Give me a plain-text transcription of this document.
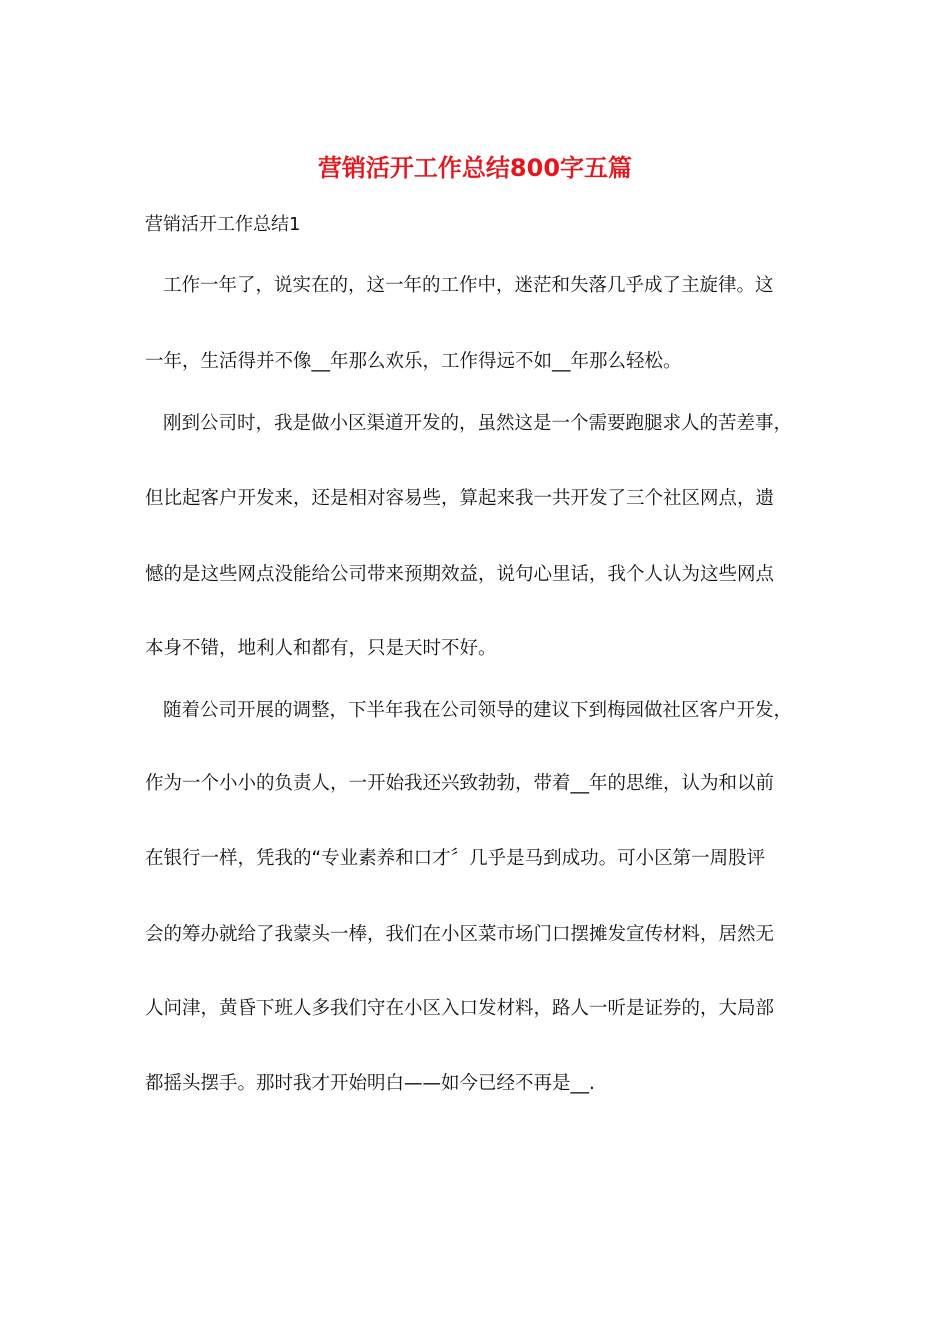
营销活开工作总结800字五篇
营销活开工作总结1
工作一年了，说实在的，这一年的工作中，迷茫和失落几乎成了主旋律。这
一年，生活得并不像__年那么欢乐，工作得远不如__年那么轻松。
刚到公司时，我是做小区渠道开发的，虽然这是一个需要跑腿求人的苦差事，
但比起客户开发来，还是相对容易些，算起来我一共开发了三个社区网点，遗
憾的是这些网点没能给公司带来预期效益，说句心里话，我个人认为这些网点
本身不错，地利人和都有，只是天时不好。
随着公司开展的调整，下半年我在公司领导的建议下到梅园做社区客户开发，
作为一个小小的负责人，一开始我还兴致勃勃，带着__年的思维，认为和以前
在银行一样，凭我的“专业素养和口才〞几乎是马到成功。可小区第一周股评
会的筹办就给了我蒙头一棒，我们在小区菜市场门口摆摊发宣传材料，居然无
人问津，黄昏下班人多我们守在小区入口发材料，路人一听是证券的，大局部
都摇头摆手。那时我才开始明白——如今已经不再是__.
